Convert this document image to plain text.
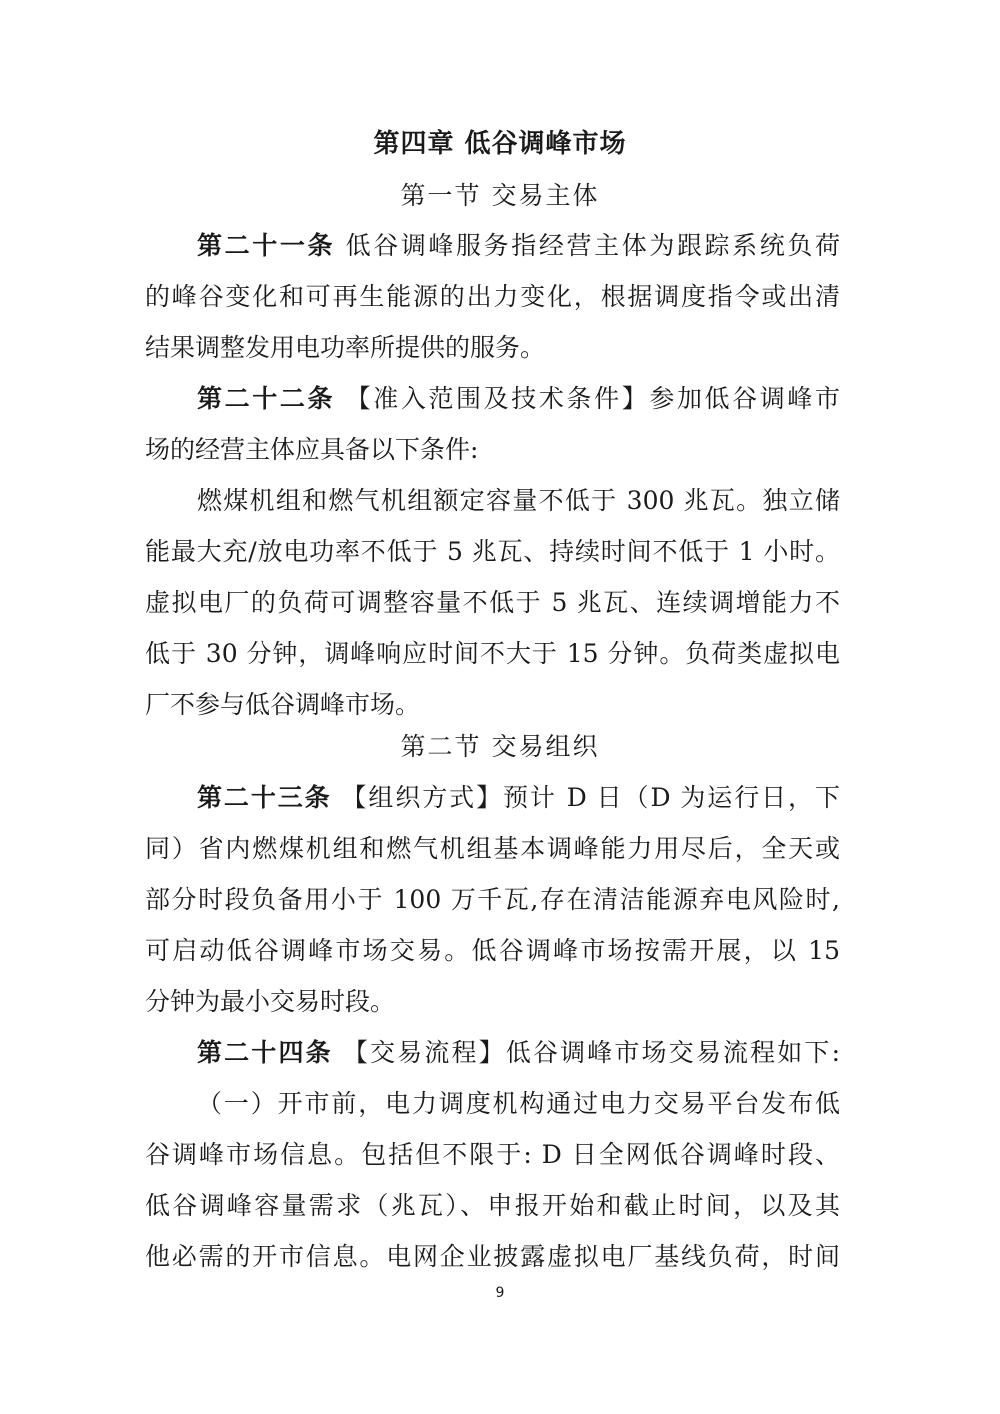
第四章 低谷调峰市场
第一节 交易主体
第二十一条 低谷调峰服务指经营主体为跟踪系统负荷
的峰谷变化和可再生能源的出力变化，根据调度指令或出清
结果调整发用电功率所提供的服务。
第二十二条 【准入范围及技术条件】参加低谷调峰市
场的经营主体应具备以下条件:
燃煤机组和燃气机组额定容量不低于 300 兆瓦。独立储
能最大充/放电功率不低于 5 兆瓦、持续时间不低于 1 小时。
虚拟电厂的负荷可调整容量不低于 5 兆瓦、连续调增能力不
低于 30 分钟，调峰响应时间不大于 15 分钟。负荷类虚拟电
厂不参与低谷调峰市场。
第二节 交易组织
第二十三条 【组织方式】预计 D 日（D 为运行日，下
同）省内燃煤机组和燃气机组基本调峰能力用尽后，全天或
部分时段负备用小于 100 万千瓦,存在清洁能源弃电风险时,
可启动低谷调峰市场交易。低谷调峰市场按需开展，以 15
分钟为最小交易时段。
第二十四条 【交易流程】低谷调峰市场交易流程如下:
（一）开市前，电力调度机构通过电力交易平台发布低
谷调峰市场信息。包括但不限于: D 日全网低谷调峰时段、
低谷调峰容量需求（兆瓦）、申报开始和截止时间，以及其
他必需的开市信息。电网企业披露虚拟电厂基线负荷，时间
9
